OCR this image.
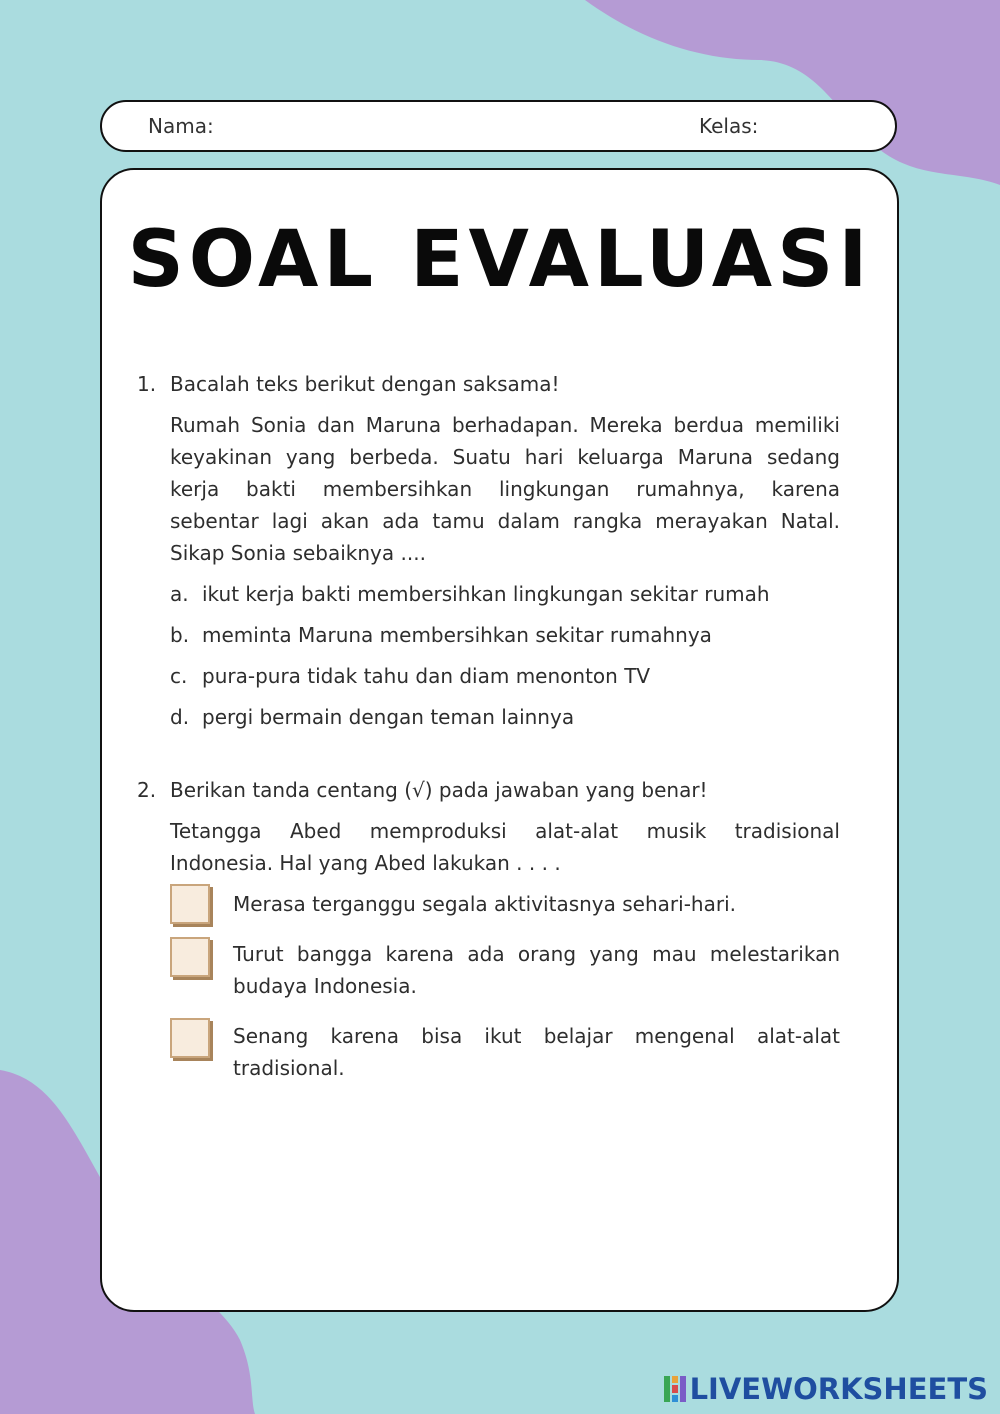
Nama:	Kelas:
SOAL EVALUASI
1. Bacalah teks berikut dengan saksama!
Rumah Sonia dan Maruna berhadapan. Mereka berdua memiliki
keyakinan yang berbeda. Suatu hari keluarga Maruna sedang
kerja bakti membersihkan lingkungan rumahnya, karena
sebentar lagi akan ada tamu dalam rangka merayakan Natal.
Sikap Sonia sebaiknya ....
a. ikut kerja bakti membersihkan lingkungan sekitar rumah
b. meminta Maruna membersihkan sekitar rumahnya
c. pura-pura tidak tahu dan diam menonton TV
d. pergi bermain dengan teman lainnya
2. Berikan tanda centang (√) pada jawaban yang benar!
Tetangga Abed memproduksi alat-alat musik tradisional
Indonesia. Hal yang Abed lakukan . . . .
Merasa terganggu segala aktivitasnya sehari-hari.
Turut bangga karena ada orang yang mau melestarikan
budaya Indonesia.
Senang karena bisa ikut belajar mengenal alat-alat
tradisional.
LIVEWORKSHEETS
